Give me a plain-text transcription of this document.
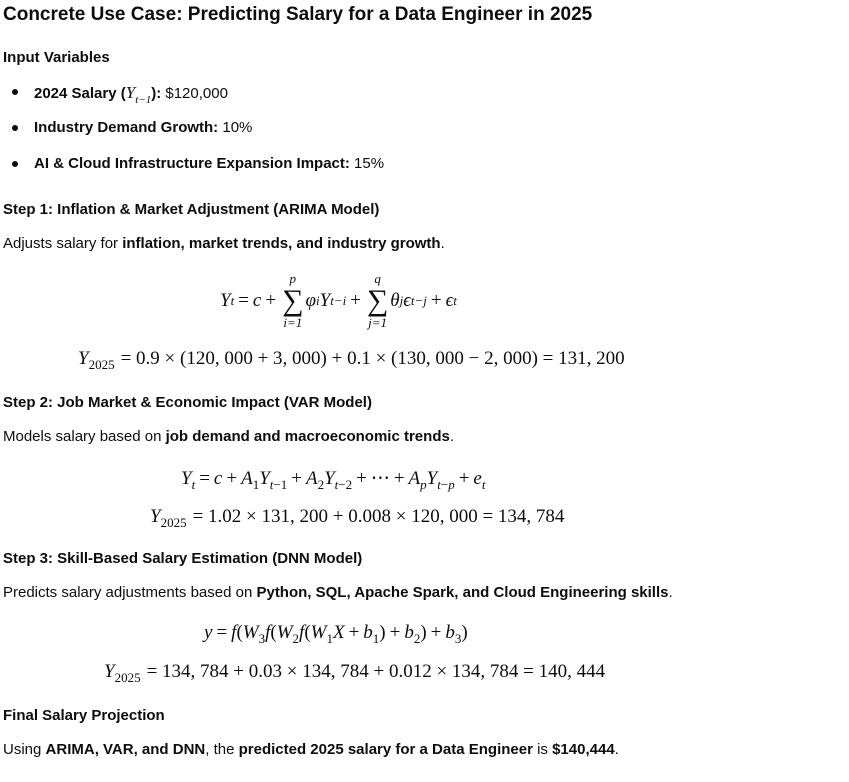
Concrete Use Case: Predicting Salary for a Data Engineer in 2025
Input Variables
2024 Salary $(Y_{t-1})$: $120,000
Industry Demand Growth: 10%
AI & Cloud Infrastructure Expansion Impact: 15%
Step 1: Inflation & Market Adjustment (ARIMA Model)
Adjusts salary for inflation, market trends, and industry growth.
Y t = c +
p
∑
i=1
φ i Y t−i +
q
∑
j=1
θ j ϵ t−j + ϵ t
$Y_{2025} = 0.9 \times (120$, 000 + 3, 000) + 0.1 × (130, 000 − 2, 000) = 131, 200
Step 2: Job Market & Economic Impact (VAR Model)
Models salary based on job demand and macroeconomic trends.
$Y_t = c + A_1Y_{t-1} + A_2Y_{t-2}$ + ⋯ + $A_pY_{t-p} + e_t$
$Y_{2025} = 1.02 \times 131$, 200 + 0.008 × 120, 000 = 134, 784
Step 3: Skill-Based Salary Estimation (DNN Model)
Predicts salary adjustments based on Python, SQL, Apache Spark, and Cloud Engineering skills.
$y = f(W_3f(W_2f(W_1X + b_1) + b_2) + b_3)$
$Y_{2025} = 134$, 784 + 0.03 × 134, 784 + 0.012 × 134, 784 = 140, 444
Final Salary Projection
Using ARIMA, VAR, and DNN, the predicted 2025 salary for a Data Engineer is $140,444.
